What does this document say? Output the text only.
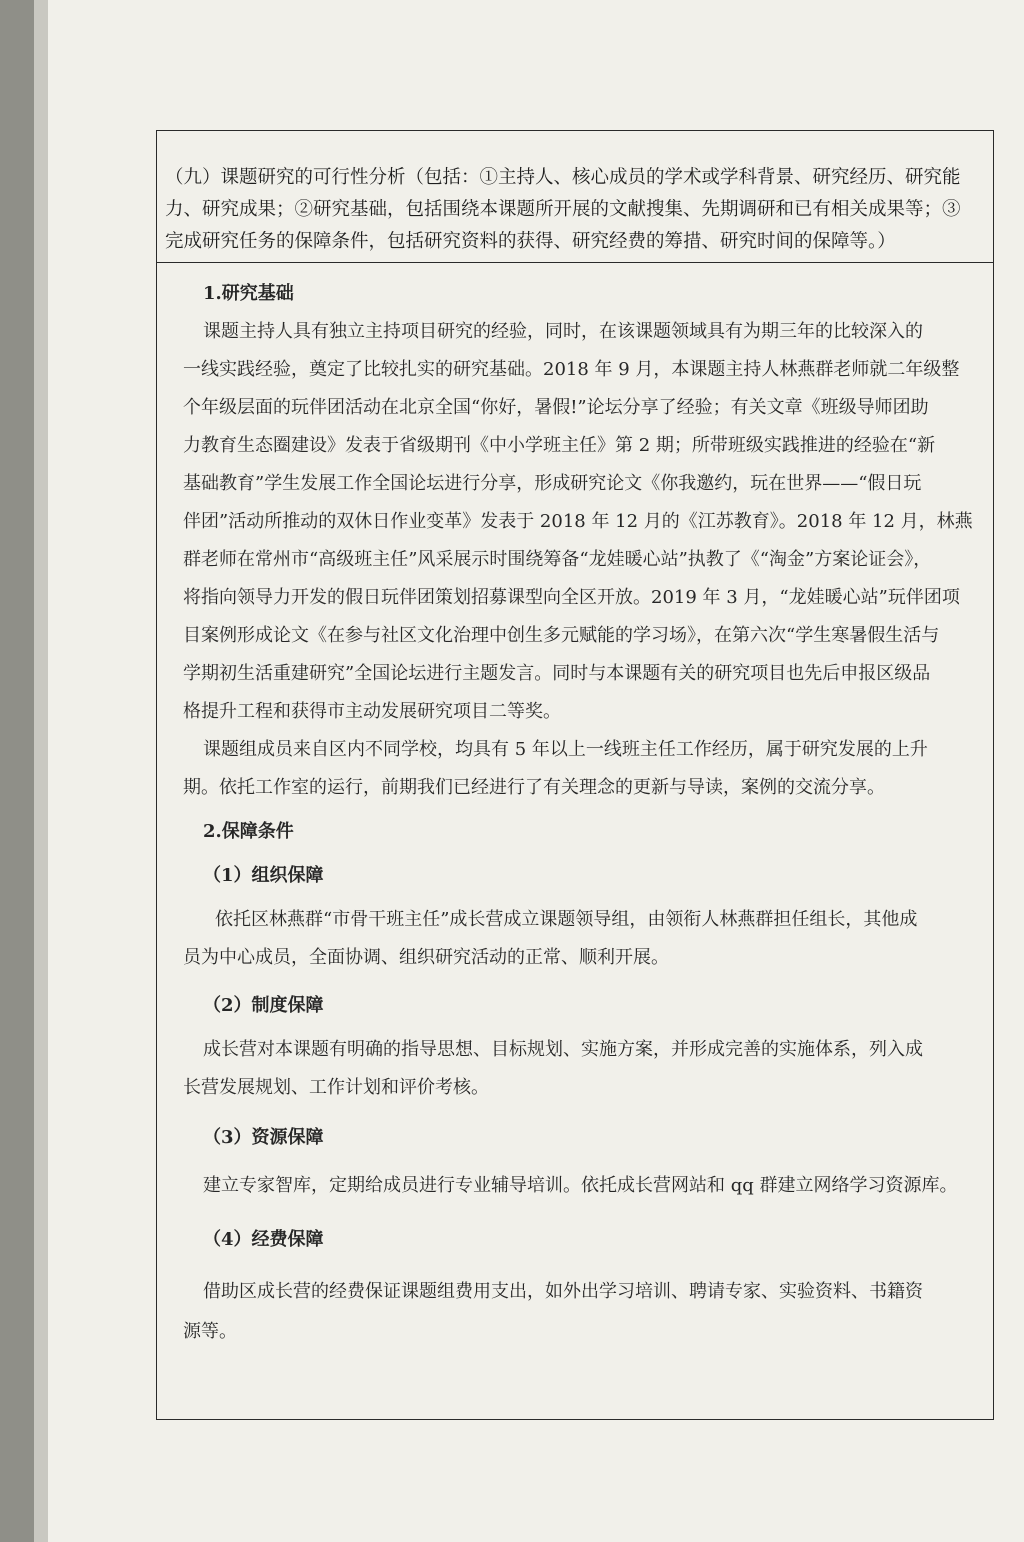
（九）课题研究的可行性分析（包括：①主持人、核心成员的学术或学科背景、研究经历、研究能
力、研究成果；②研究基础，包括围绕本课题所开展的文献搜集、先期调研和已有相关成果等；③
完成研究任务的保障条件，包括研究资料的获得、研究经费的筹措、研究时间的保障等。）
1.研究基础
课题主持人具有独立主持项目研究的经验，同时，在该课题领域具有为期三年的比较深入的
一线实践经验，奠定了比较扎实的研究基础。2018 年 9 月，本课题主持人林燕群老师就二年级整
个年级层面的玩伴团活动在北京全国“你好，暑假!”论坛分享了经验；有关文章《班级导师团助
力教育生态圈建设》发表于省级期刊《中小学班主任》第 2 期；所带班级实践推进的经验在“新
基础教育”学生发展工作全国论坛进行分享，形成研究论文《你我邀约，玩在世界——“假日玩
伴团”活动所推动的双休日作业变革》发表于 2018 年 12 月的《江苏教育》。2018 年 12 月，林燕
群老师在常州市“高级班主任”风采展示时围绕筹备“龙娃暖心站”执教了《“淘金”方案论证会》，
将指向领导力开发的假日玩伴团策划招募课型向全区开放。2019 年 3 月，“龙娃暖心站”玩伴团项
目案例形成论文《在参与社区文化治理中创生多元赋能的学习场》，在第六次“学生寒暑假生活与
学期初生活重建研究”全国论坛进行主题发言。同时与本课题有关的研究项目也先后申报区级品
格提升工程和获得市主动发展研究项目二等奖。
课题组成员来自区内不同学校，均具有 5 年以上一线班主任工作经历，属于研究发展的上升
期。依托工作室的运行，前期我们已经进行了有关理念的更新与导读，案例的交流分享。
2.保障条件
（1）组织保障
依托区林燕群“市骨干班主任”成长营成立课题领导组，由领衔人林燕群担任组长，其他成
员为中心成员，全面协调、组织研究活动的正常、顺利开展。
（2）制度保障
成长营对本课题有明确的指导思想、目标规划、实施方案，并形成完善的实施体系，列入成
长营发展规划、工作计划和评价考核。
（3）资源保障
建立专家智库，定期给成员进行专业辅导培训。依托成长营网站和 qq 群建立网络学习资源库。
（4）经费保障
借助区成长营的经费保证课题组费用支出，如外出学习培训、聘请专家、实验资料、书籍资
源等。
